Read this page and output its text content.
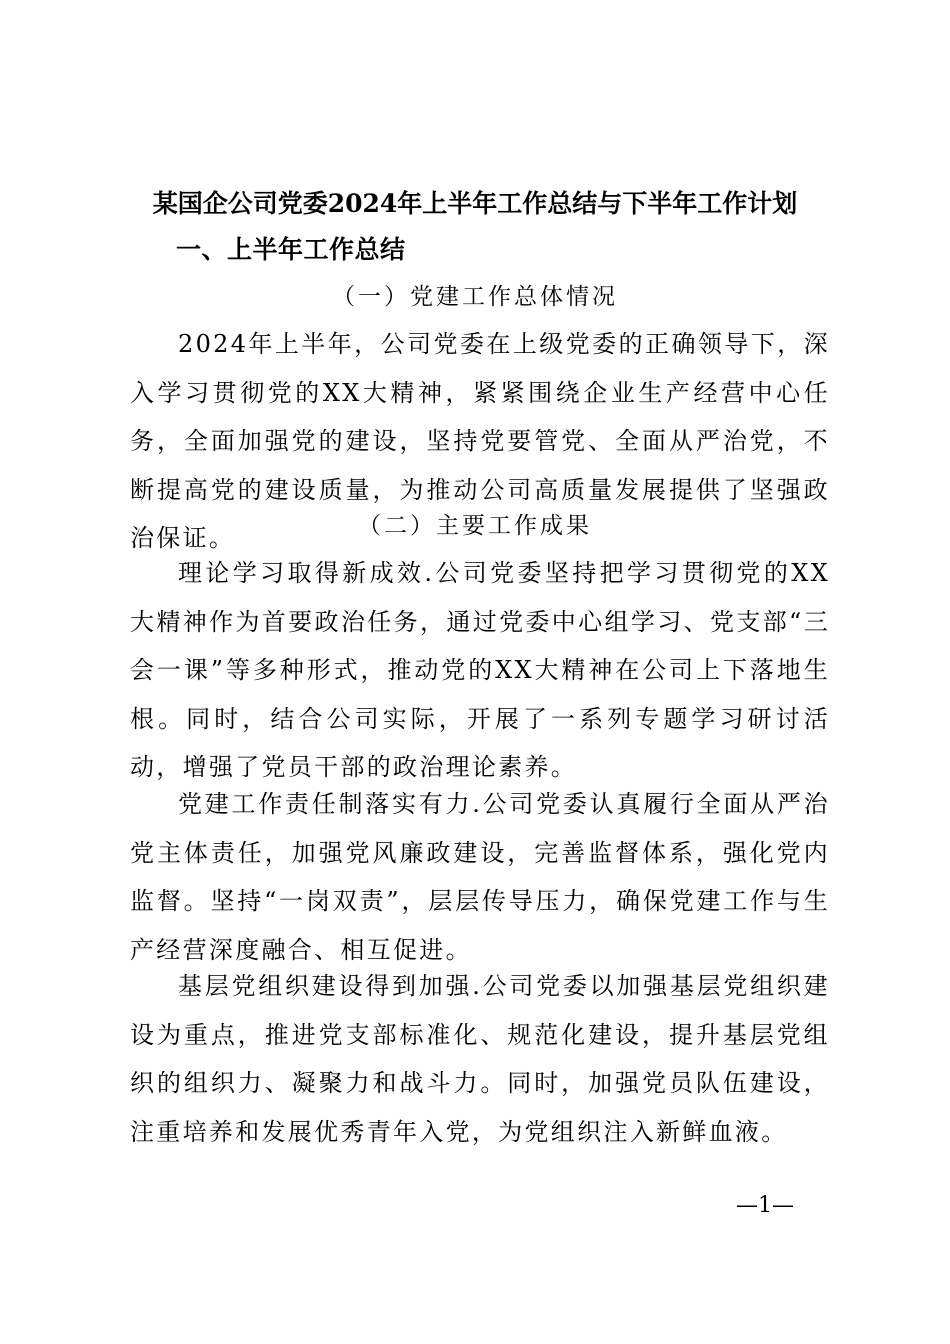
某国企公司党委2024年上半年工作总结与下半年工作计划
一、上半年工作总结
（一）党建工作总体情况
2024年上半年，公司党委在上级党委的正确领导下，深入学习贯彻党的XX大精神，紧紧围绕企业生产经营中心任务，全面加强党的建设，坚持党要管党、全面从严治党，不断提高党的建设质量，为推动公司高质量发展提供了坚强政治保证。	（二）主要工作成果
理论学习取得新成效.公司党委坚持把学习贯彻党的XX大精神作为首要政治任务，通过党委中心组学习、党支部“三会一课”等多种形式，推动党的XX大精神在公司上下落地生根。同时，结合公司实际，开展了一系列专题学习研讨活动，增强了党员干部的政治理论素养。
党建工作责任制落实有力.公司党委认真履行全面从严治党主体责任，加强党风廉政建设，完善监督体系，强化党内监督。坚持“一岗双责”，层层传导压力，确保党建工作与生产经营深度融合、相互促进。
基层党组织建设得到加强.公司党委以加强基层党组织建设为重点，推进党支部标准化、规范化建设，提升基层党组织的组织力、凝聚力和战斗力。同时，加强党员队伍建设，注重培养和发展优秀青年入党，为党组织注入新鲜血液。
—1—
